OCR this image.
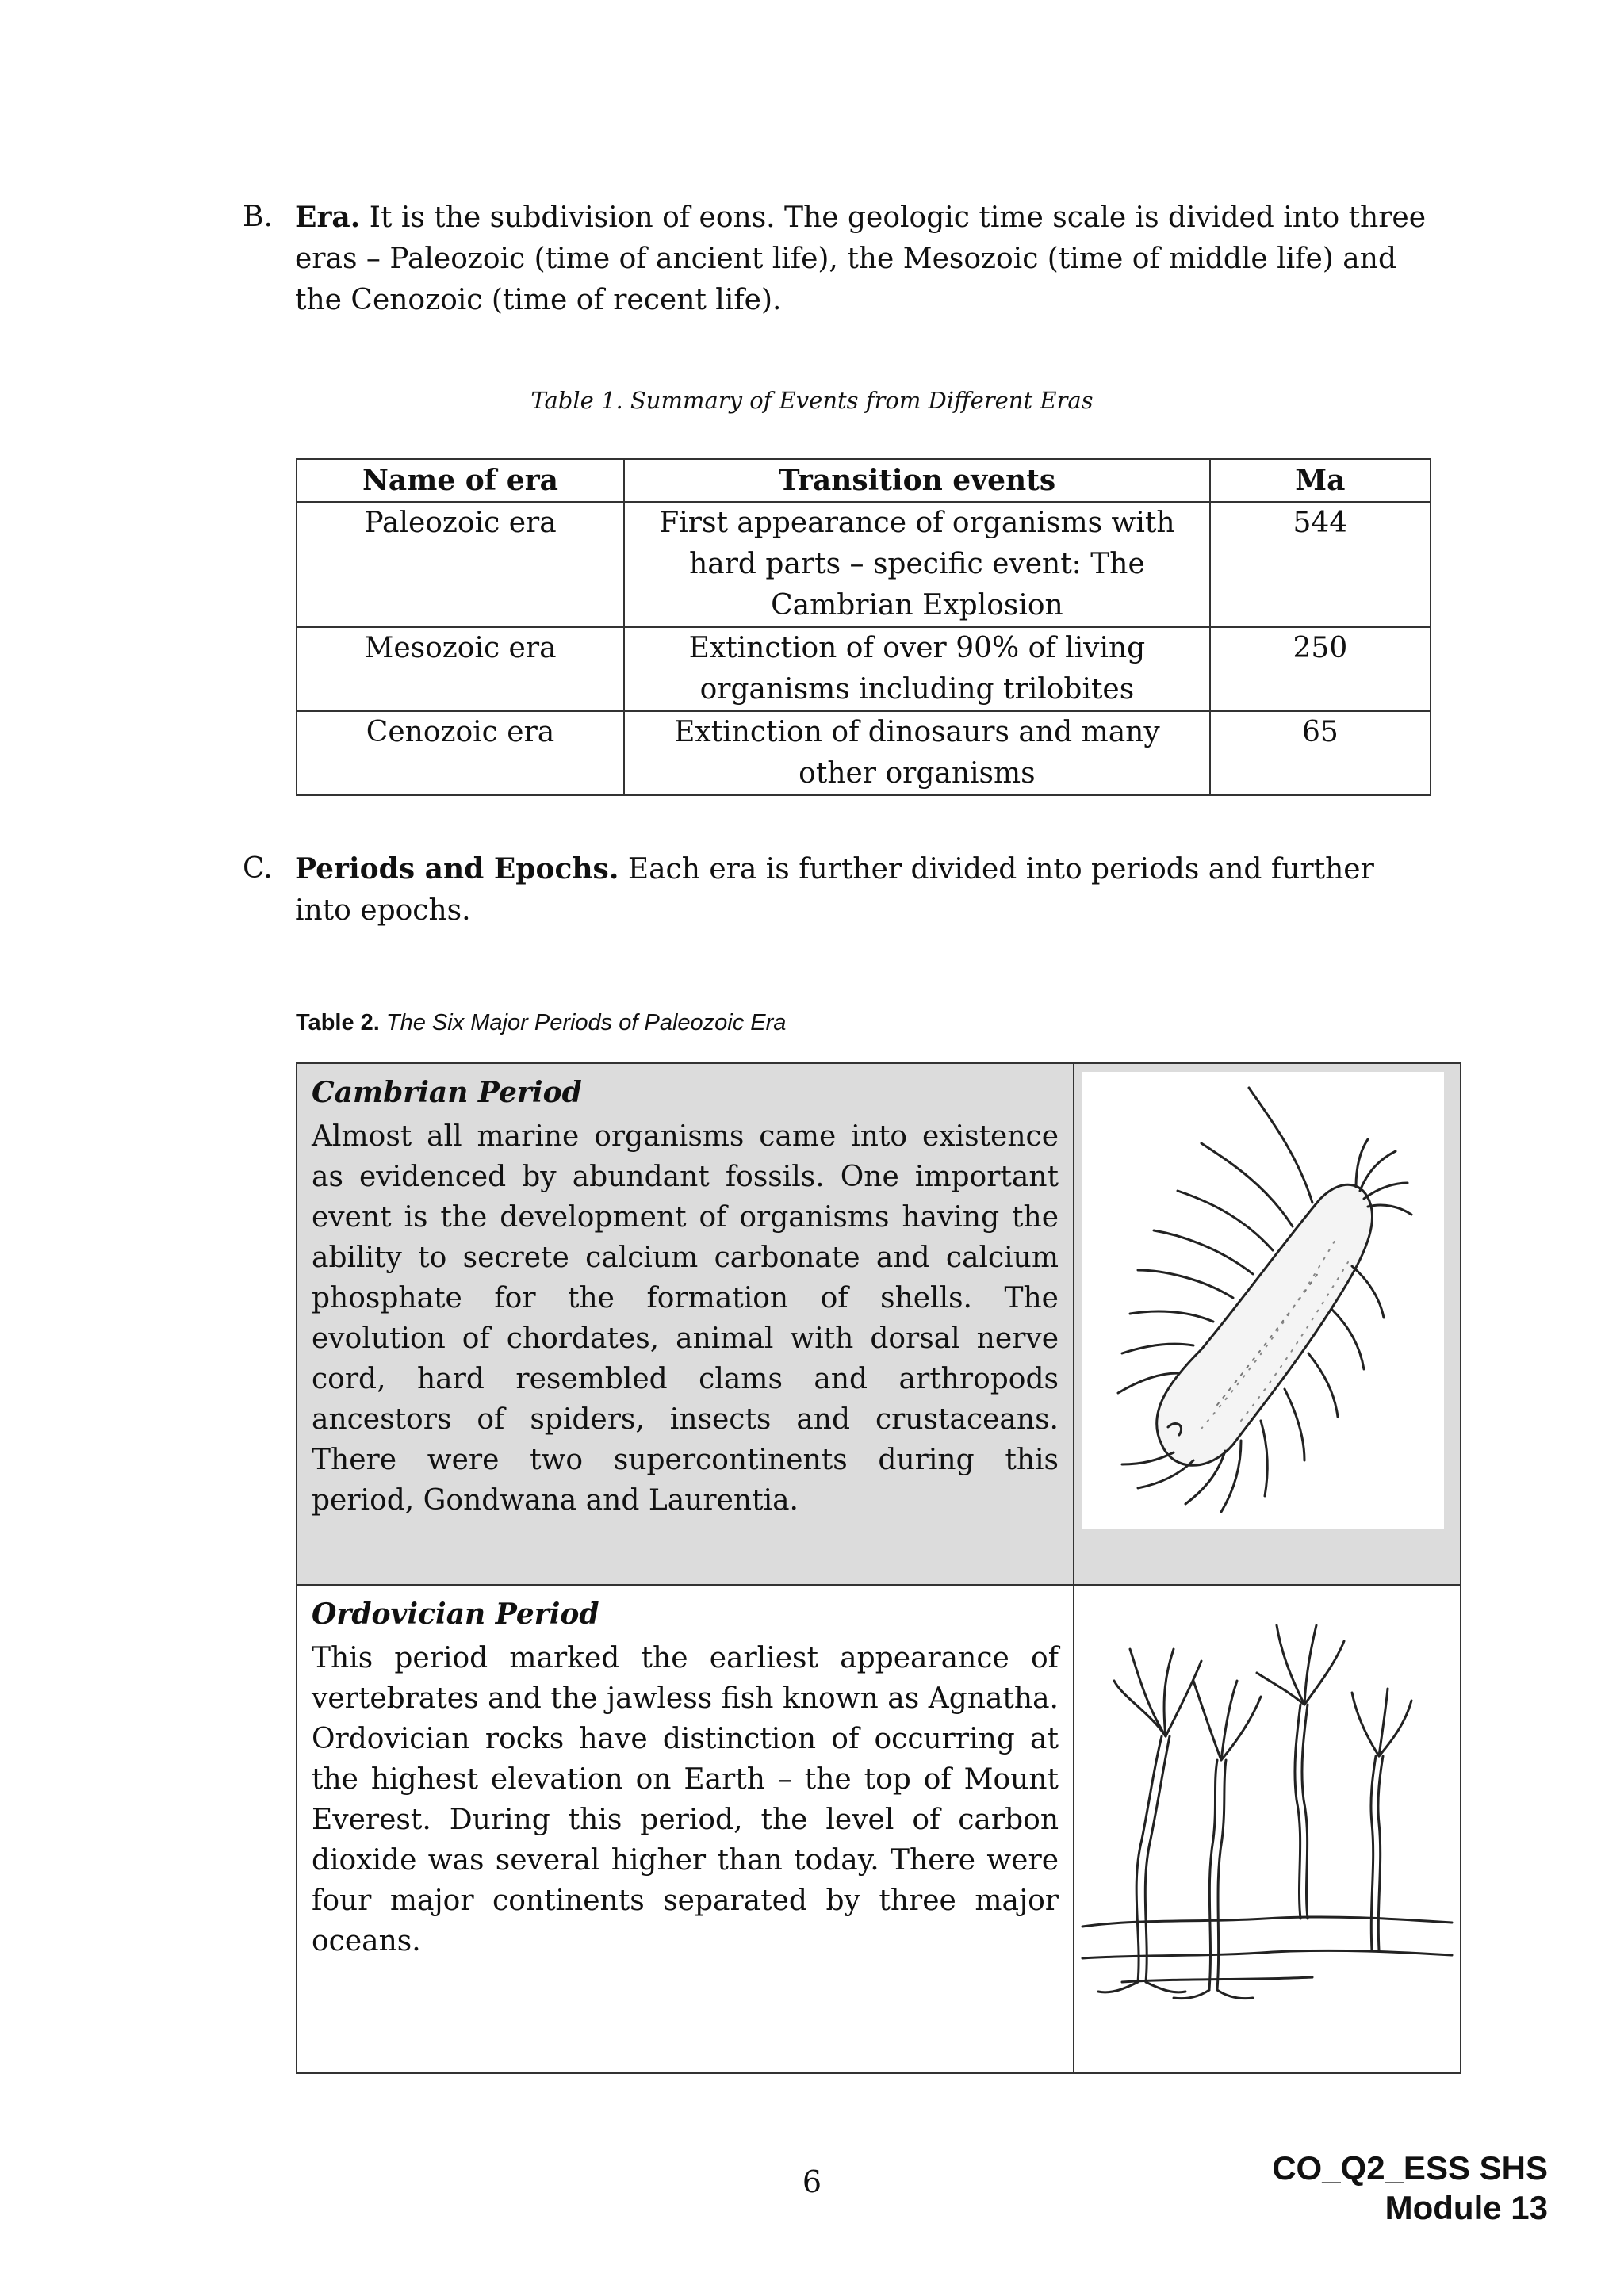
B. Era. It is the subdivision of eons. The geologic time scale is divided into three eras – Paleozoic (time of ancient life), the Mesozoic (time of middle life) and the Cenozoic (time of recent life).
Table 1. Summary of Events from Different Eras
Name of era	Transition events	Ma
Paleozoic era	First appearance of organisms with hard parts – specific event: The Cambrian Explosion	544
Mesozoic era	Extinction of over 90% of living organisms including trilobites	250
Cenozoic era	Extinction of dinosaurs and many other organisms	65
C. Periods and Epochs. Each era is further divided into periods and further into epochs.
Table 2. The Six Major Periods of Paleozoic Era

Cambrian Period

Almost all marine organisms came into existence as evidenced by abundant fossils. One important event is the development of organisms having the ability to secrete calcium carbonate and calcium phosphate for the formation of shells. The evolution of chordates, animal with dorsal nerve cord, hard resembled clams and arthropods ancestors of spiders, insects and crustaceans. There were two supercontinents during this period, Gondwana and Laurentia.

Ordovician Period

This period marked the earliest appearance of vertebrates and the jawless fish known as Agnatha. Ordovician rocks have distinction of occurring at the highest elevation on Earth – the top of Mount Everest. During this period, the level of carbon dioxide was several higher than today. There were four major continents separated by three major oceans.

6	CO_Q2_ESS SHS
Module 13
